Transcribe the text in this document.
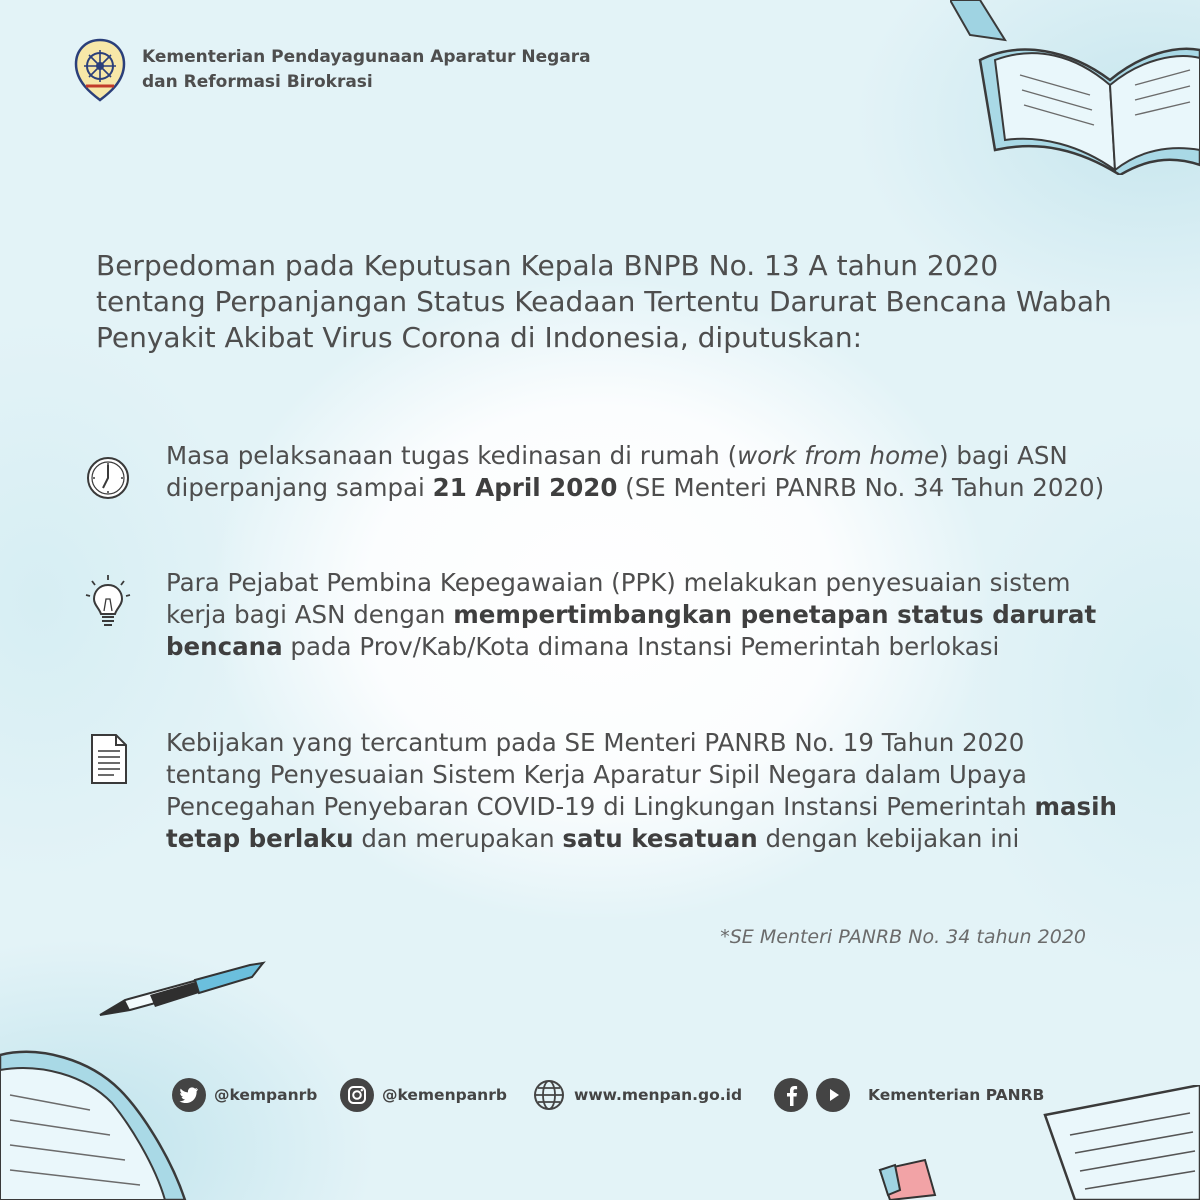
Kementerian Pendayagunaan Aparatur Negara
dan Reformasi Birokrasi
Berpedoman pada Keputusan Kepala BNPB No. 13 A tahun 2020 tentang Perpanjangan Status Keadaan Tertentu Darurat Bencana Wabah Penyakit Akibat Virus Corona di Indonesia, diputuskan:
Masa pelaksanaan tugas kedinasan di rumah (work from home) bagi ASN diperpanjang sampai 21 April 2020 (SE Menteri PANRB No. 34 Tahun 2020)
Para Pejabat Pembina Kepegawaian (PPK) melakukan penyesuaian sistem kerja bagi ASN dengan mempertimbangkan penetapan status darurat bencana pada Prov/Kab/Kota dimana Instansi Pemerintah berlokasi
Kebijakan yang tercantum pada SE Menteri PANRB No. 19 Tahun 2020 tentang Penyesuaian Sistem Kerja Aparatur Sipil Negara dalam Upaya Pencegahan Penyebaran COVID-19 di Lingkungan Instansi Pemerintah masih tetap berlaku dan merupakan satu kesatuan dengan kebijakan ini
*SE Menteri PANRB No. 34 tahun 2020
@kempanrb	@kemenpanrb	www.menpan.go.id	Kementerian PANRB
